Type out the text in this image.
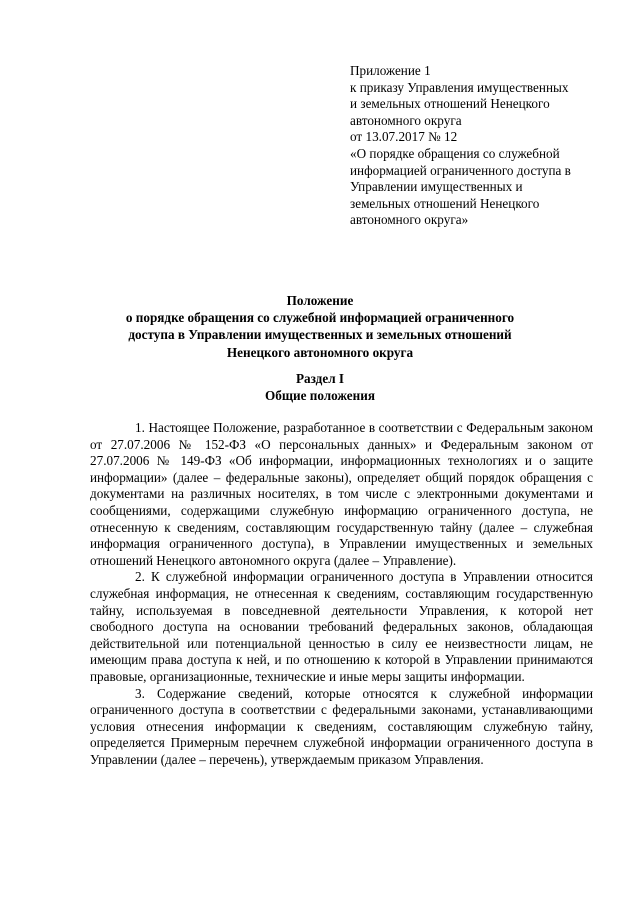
Приложение 1
к приказу Управления имущественных
и земельных отношений Ненецкого
автономного округа
от 13.07.2017 № 12
«О порядке обращения со служебной
информацией ограниченного доступа в
Управлении имущественных и
земельных отношений Ненецкого
автономного округа»
Положение
о порядке обращения со служебной информацией ограниченного
доступа в Управлении имущественных и земельных отношений
Ненецкого автономного округа
Раздел I
Общие положения

1. Настоящее Положение, разработанное в соответствии с Федеральным законом от 27.07.2006 № 152-ФЗ «О персональных данных» и Федеральным законом от 27.07.2006 № 149-ФЗ «Об информации, информационных технологиях и о защите информации» (далее – федеральные законы), определяет общий порядок обращения с документами на различных носителях, в том числе с электронными документами и сообщениями, содержащими служебную информацию ограниченного доступа, не отнесенную к сведениям, составляющим государственную тайну (далее – служебная информация ограниченного доступа), в Управлении имущественных и земельных отношений Ненецкого автономного округа (далее – Управление).

2. К служебной информации ограниченного доступа в Управлении относится служебная информация, не отнесенная к сведениям, составляющим государственную тайну, используемая в повседневной деятельности Управления, к которой нет свободного доступа на основании требований федеральных законов, обладающая действительной или потенциальной ценностью в силу ее неизвестности лицам, не имеющим права доступа к ней, и по отношению к которой в Управлении принимаются правовые, организационные, технические и иные меры защиты информации.

3. Содержание сведений, которые относятся к служебной информации ограниченного доступа в соответствии с федеральными законами, устанавливающими условия отнесения информации к сведениям, составляющим служебную тайну, определяется Примерным перечнем служебной информации ограниченного доступа в Управлении (далее – перечень), утверждаемым приказом Управления.
